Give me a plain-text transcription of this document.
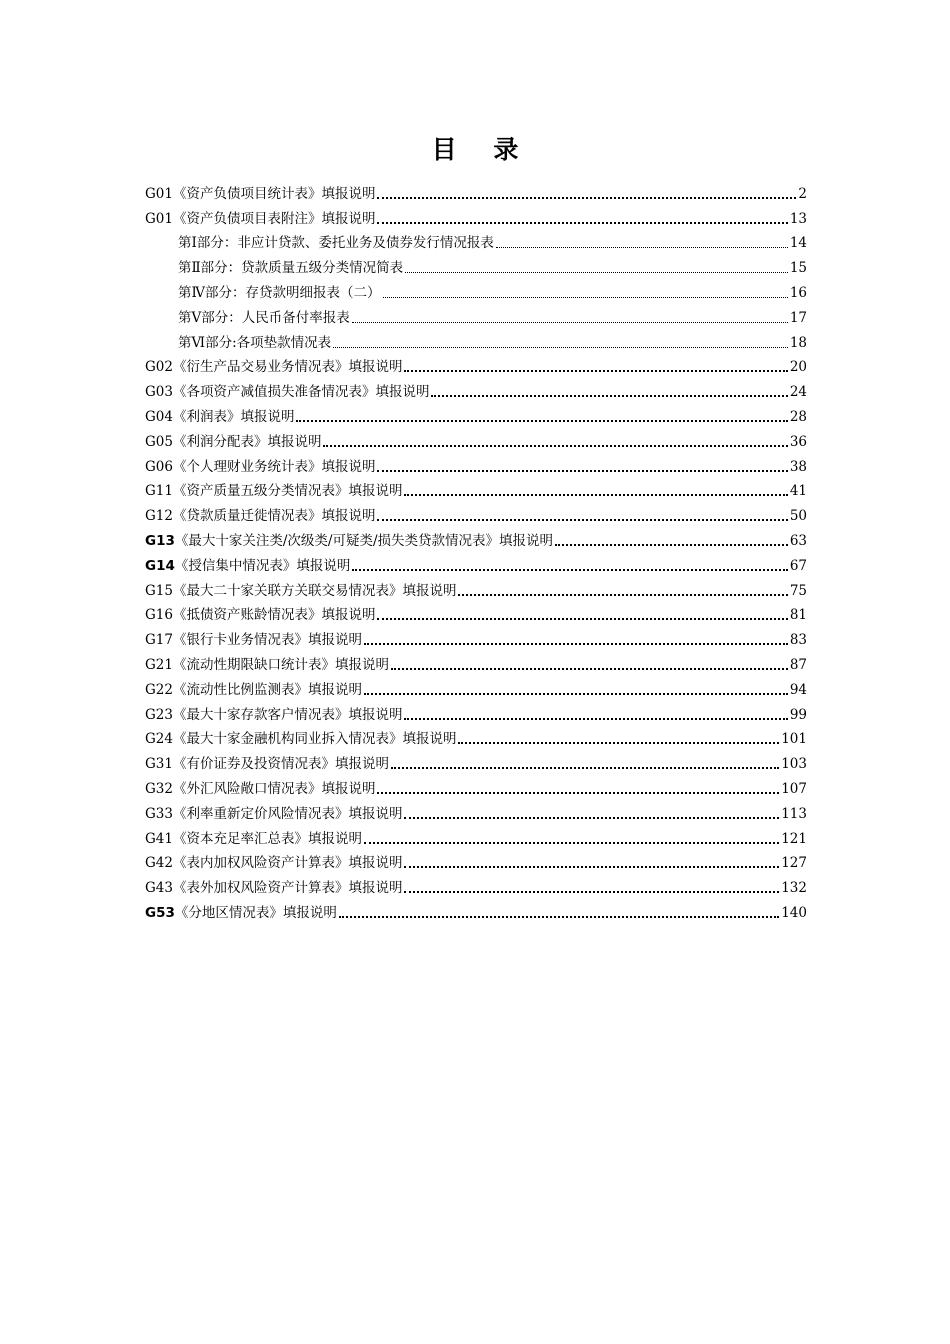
目 录
G01《资产负债项目统计表》填报说明	2
G01《资产负债项目表附注》填报说明	13
第Ⅰ部分：非应计贷款、委托业务及债券发行情况报表	14
第Ⅱ部分：贷款质量五级分类情况简表	15
第Ⅳ部分：存贷款明细报表（二）	16
第Ⅴ部分：人民币备付率报表	17
第Ⅵ部分:各项垫款情况表	18
G02《衍生产品交易业务情况表》填报说明	20
G03《各项资产减值损失准备情况表》填报说明	24
G04《利润表》填报说明	28
G05《利润分配表》填报说明	36
G06《个人理财业务统计表》填报说明	38
G11《资产质量五级分类情况表》填报说明	41
G12《贷款质量迁徙情况表》填报说明	50
G13《最大十家关注类/次级类/可疑类/损失类贷款情况表》填报说明	63
G14《授信集中情况表》填报说明	67
G15《最大二十家关联方关联交易情况表》填报说明	75
G16《抵债资产账龄情况表》填报说明	81
G17《银行卡业务情况表》填报说明	83
G21《流动性期限缺口统计表》填报说明	87
G22《流动性比例监测表》填报说明	94
G23《最大十家存款客户情况表》填报说明	99
G24《最大十家金融机构同业拆入情况表》填报说明	101
G31《有价证券及投资情况表》填报说明	103
G32《外汇风险敞口情况表》填报说明	107
G33《利率重新定价风险情况表》填报说明	113
G41《资本充足率汇总表》填报说明	121
G42《表内加权风险资产计算表》填报说明	127
G43《表外加权风险资产计算表》填报说明	132
G53《分地区情况表》填报说明	140
